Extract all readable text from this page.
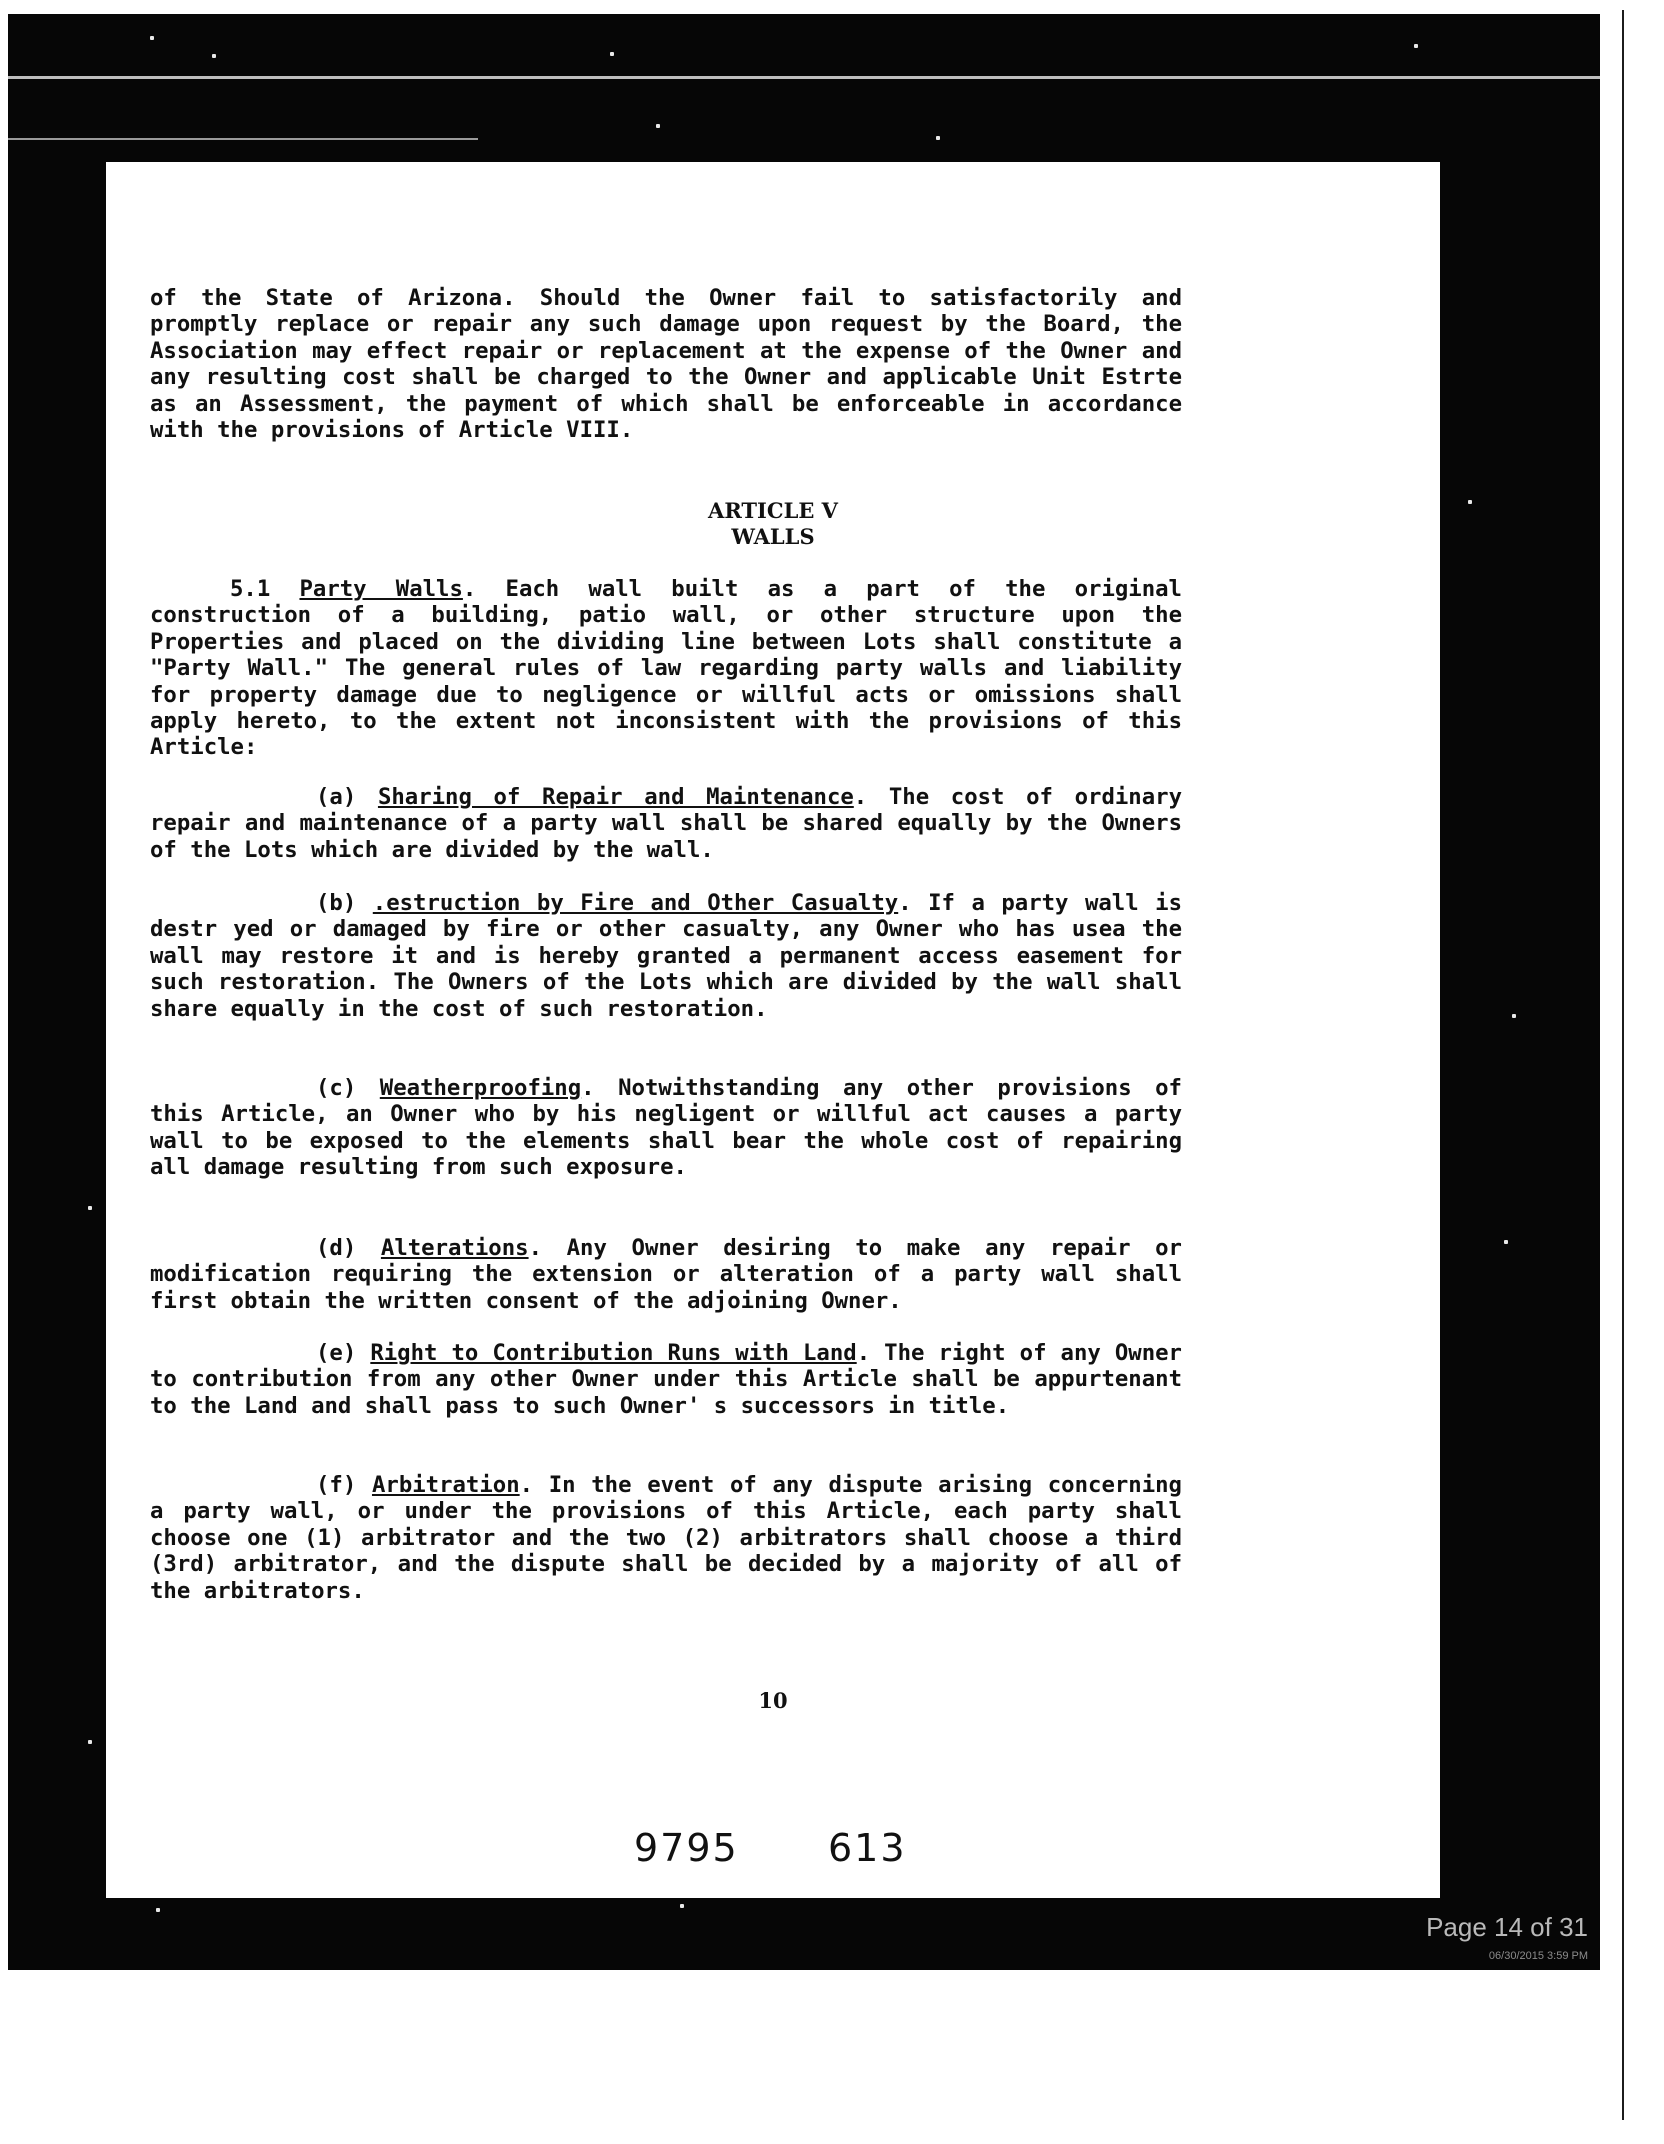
of the State of Arizona. Should the Owner fail to satisfactorily and promptly replace or repair any such damage upon request by the Board, the Association may effect repair or replacement at the expense of the Owner and any resulting cost shall be charged to the Owner and applicable Unit Estrte as an Assessment, the payment of which shall be enforceable in accordance with the provisions of Article VIII.
ARTICLE V
WALLS
5.1 Party Walls. Each wall built as a part of the original construction of a building, patio wall, or other structure upon the Properties and placed on the dividing line between Lots shall constitute a "Party Wall." The general rules of law regarding party walls and liability for property damage due to negligence or willful acts or omissions shall apply hereto, to the extent not inconsistent with the provisions of this Article:
(a) Sharing of Repair and Maintenance. The cost of ordinary repair and maintenance of a party wall shall be shared equally by the Owners of the Lots which are divided by the wall.
(b) .estruction by Fire and Other Casualty. If a party wall is destr yed or damaged by fire or other casualty, any Owner who has usea the wall may restore it and is hereby granted a permanent access easement for such restoration. The Owners of the Lots which are divided by the wall shall share equally in the cost of such restoration.
(c) Weatherproofing. Notwithstanding any other provisions of this Article, an Owner who by his negligent or willful act causes a party wall to be exposed to the elements shall bear the whole cost of repairing all damage resulting from such exposure.
(d) Alterations. Any Owner desiring to make any repair or modification requiring the extension or alteration of a party wall shall first obtain the written consent of the adjoining Owner.
(e) Right to Contribution Runs with Land. The right of any Owner to contribution from any other Owner under this Article shall be appurtenant to the Land and shall pass to such Owner' s successors in title.
(f) Arbitration. In the event of any dispute arising concerning a party wall, or under the provisions of this Article, each party shall choose one (1) arbitrator and the two (2) arbitrators shall choose a third (3rd) arbitrator, and the dispute shall be decided by a majority of all of the arbitrators.
10
9795 613
Page 14 of 31
06/30/2015 3:59 PM
